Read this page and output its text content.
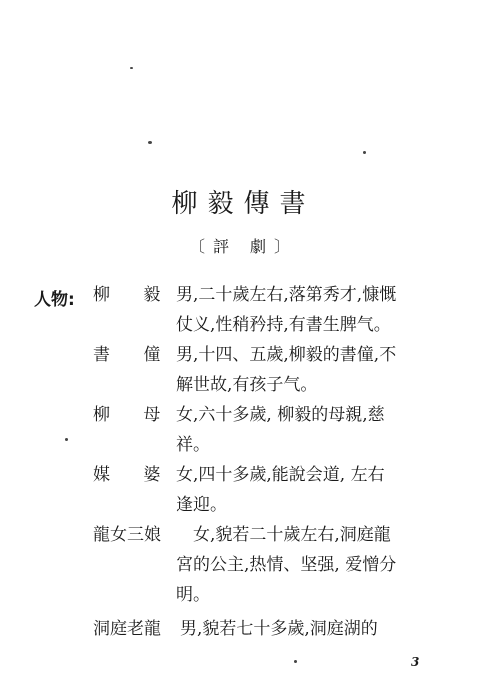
柳毅傳書
〔評 劇〕
人物: 柳 毅 男,二十歲左右,落第秀才,慷慨
仗义,性稍矜持,有書生脾气。
書 僮 男,十四、五歲,柳毅的書僮,不
解世故,有孩子气。
柳 母 女,六十多歲, 柳毅的母親,慈
祥。
媒 婆 女,四十多歲,能說会道, 左右
逢迎。
龍女三娘 女,貌若二十歲左右,洞庭龍
宮的公主,热情、坚强, 爱憎分
明。
洞庭老龍 男,貌若七十多歲,洞庭湖的
3
